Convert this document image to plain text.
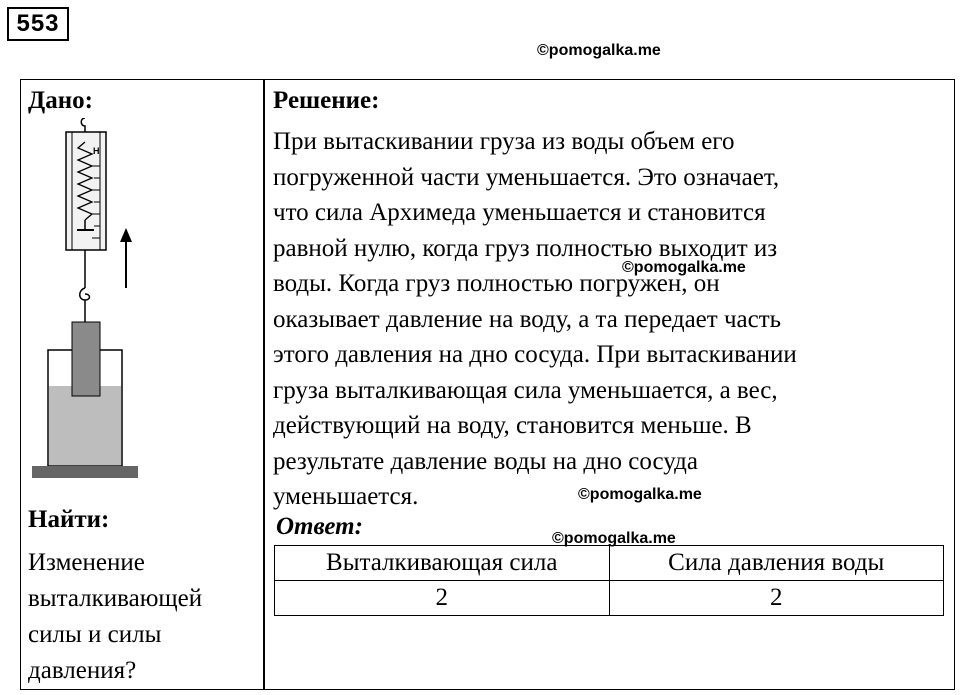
553
©pomogalka.me
©pomogalka.me
©pomogalka.me
©pomogalka.me
Дано:
Н
Найти:
Изменение
выталкивающей
силы и силы
давления?
Решение:
При вытаскивании груза из воды объем его
погруженной части уменьшается. Это означает,
что сила Архимеда уменьшается и становится
равной нулю, когда груз полностью выходит из
воды. Когда груз полностью погружен, он
оказывает давление на воду, а та передает часть
этого давления на дно сосуда. При вытаскивании
груза выталкивающая сила уменьшается, а вес,
действующий на воду, становится меньше. В
результате давление воды на дно сосуда
уменьшается.
Ответ:
Выталкивающая сила	Сила давления воды
2	2
